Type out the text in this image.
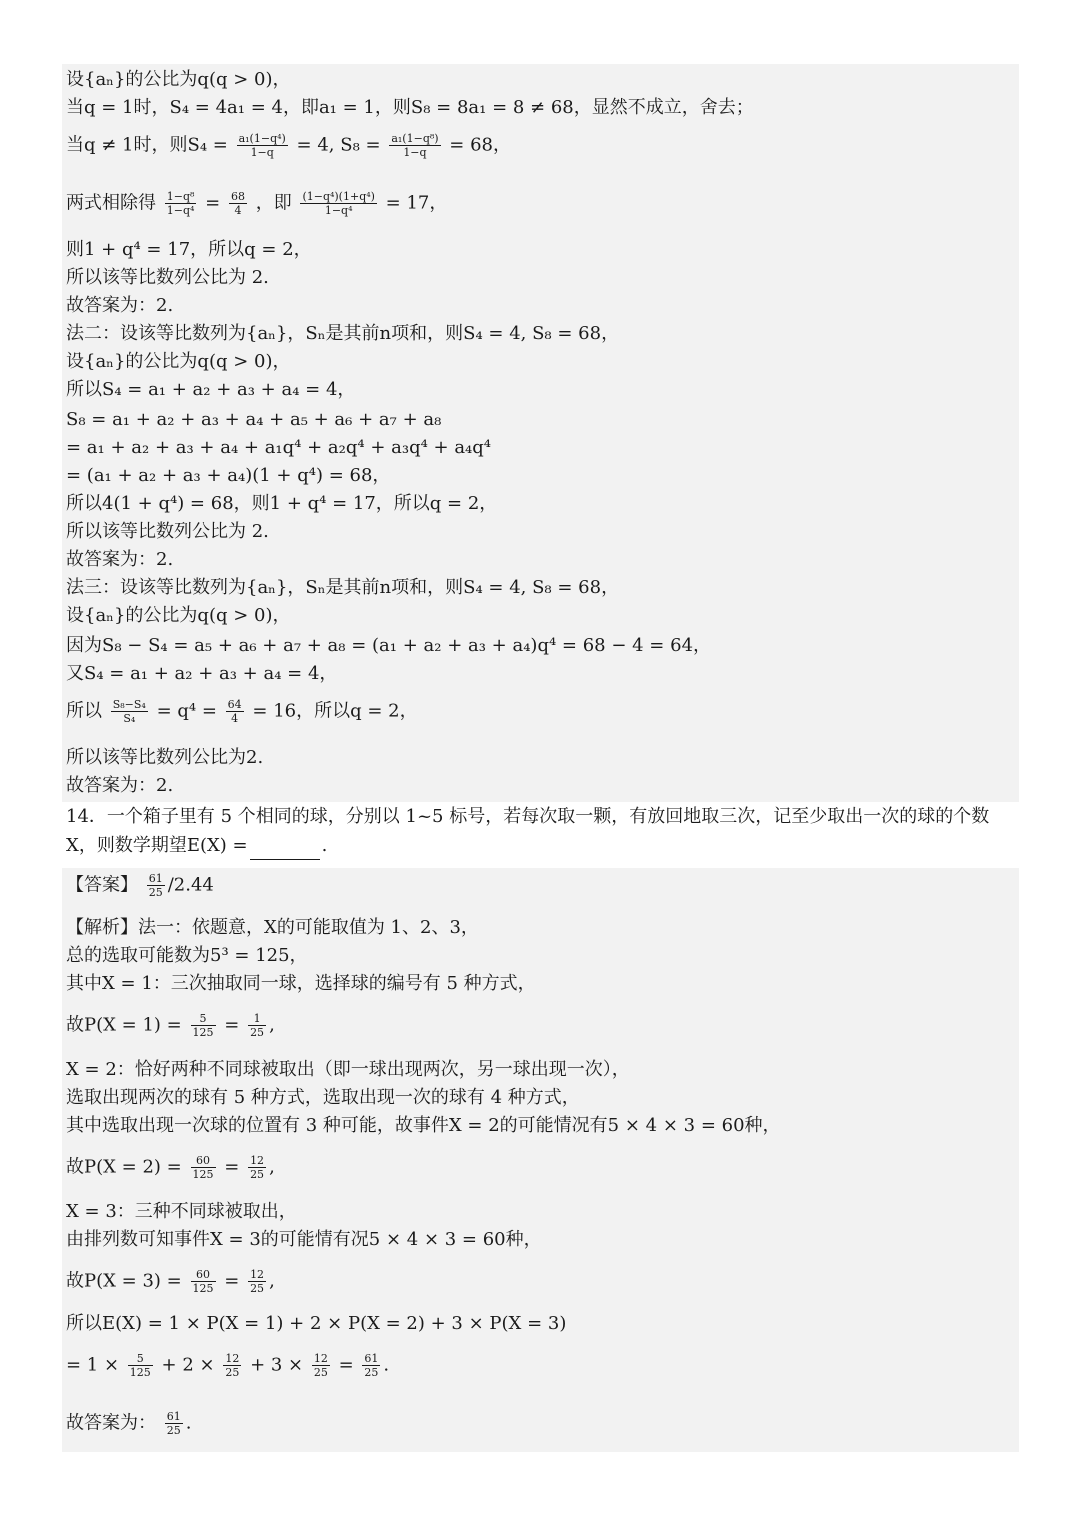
设{aₙ}的公比为q(q > 0)，
当q = 1时，S₄ = 4a₁ = 4，即a₁ = 1，则S₈ = 8a₁ = 8 ≠ 68，显然不成立，舍去；
当q ≠ 1时，则$S_4 = \frac{\text{a₁(1−q⁴)}}{1-q} = 4$, $S_8 = \frac{\text{a₁(1−q⁸)}}{1-q} = 68$，
两式相除得 $\frac{\text{1−q⁸}}{\text{1−q⁴}} = \frac{68}{4}$ ，即 $\frac{\text{(1−q⁴)(1+q⁴)}}{\text{1−q⁴}} = 17$，
则1 + q⁴ = 17，所以q = 2，
所以该等比数列公比为 2.
故答案为：2.
法二：设该等比数列为{aₙ}，Sₙ是其前n项和，则S₄ = 4, S₈ = 68，
设{aₙ}的公比为q(q > 0)，
所以S₄ = a₁ + a₂ + a₃ + a₄ = 4，
S₈ = a₁ + a₂ + a₃ + a₄ + a₅ + a₆ + a₇ + a₈
= a₁ + a₂ + a₃ + a₄ + a₁q⁴ + a₂q⁴ + a₃q⁴ + a₄q⁴
= (a₁ + a₂ + a₃ + a₄)(1 + q⁴) = 68，
所以4(1 + q⁴) = 68，则1 + q⁴ = 17，所以q = 2，
所以该等比数列公比为 2.
故答案为：2.
法三：设该等比数列为{aₙ}，Sₙ是其前n项和，则S₄ = 4, S₈ = 68，
设{aₙ}的公比为q(q > 0)，
因为S₈ − S₄ = a₅ + a₆ + a₇ + a₈ = (a₁ + a₂ + a₃ + a₄)q⁴ = 68 − 4 = 64，
又S₄ = a₁ + a₂ + a₃ + a₄ = 4，
所以 $\frac{\text{S₈−S₄}}{\text{S₄}} = q^4 = \frac{64}{4} = 16$，所以q = 2，
所以该等比数列公比为2.
故答案为：2.
14．一个箱子里有 5 个相同的球，分别以 1~5 标号，若每次取一颗，有放回地取三次，记至少取出一次的球的个数X，则数学期望E(X) =	.
【答案】 $\frac{61}{25} /2.44$
【解析】法一：依题意，X的可能取值为 1、2、3，
总的选取可能数为5³ = 125，
其中X = 1：三次抽取同一球，选择球的编号有 5 种方式，
故$P(X = 1) = \frac{5}{125} = \frac{1}{25}$ ,
X = 2：恰好两种不同球被取出（即一球出现两次，另一球出现一次），
选取出现两次的球有 5 种方式，选取出现一次的球有 4 种方式，
其中选取出现一次球的位置有 3 种可能，故事件X = 2的可能情况有5 × 4 × 3 = 60种，
故$P(X = 2) = \frac{60}{125} = \frac{12}{25}$ ,
X = 3：三种不同球被取出，
由排列数可知事件X = 3的可能情有况5 × 4 × 3 = 60种，
故$P(X = 3) = \frac{60}{125} = \frac{12}{25}$ ,
所以E(X) = 1 × P(X = 1) + 2 × P(X = 2) + 3 × P(X = 3)
= $1 \times \frac{5}{125} + 2 \times \frac{12}{25} + 3 \times \frac{12}{25} = \frac{61}{25}$ .
故答案为： $\frac{61}{25}$ .
